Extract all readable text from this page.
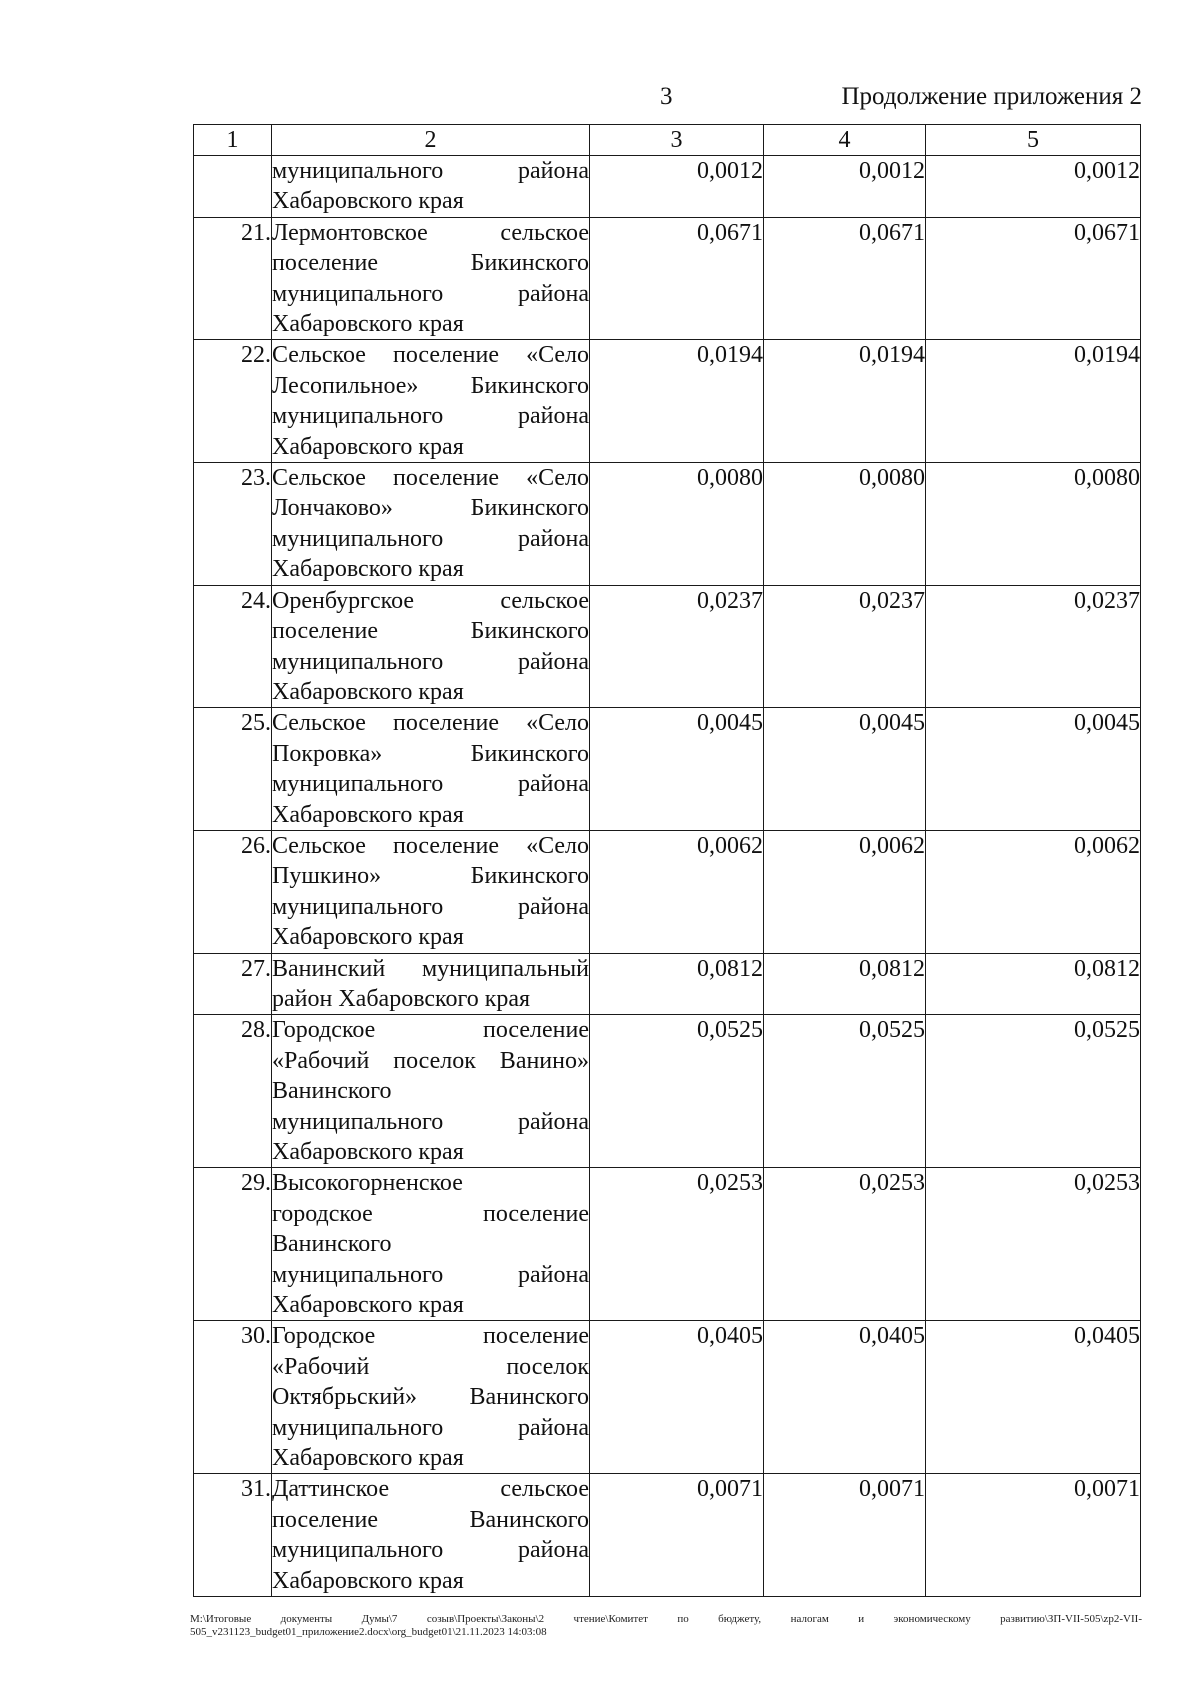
3	Продолжение приложения 2
1	2	3	4	5

	муниципального района
Хабаровского края	0,0012	0,0012	0,0012
21.	Лермонтовское сельское
поселение Бикинского
муниципального района
Хабаровского края	0,0671	0,0671	0,0671
22.	Сельское поселение «Село
Лесопильное» Бикинского
муниципального района
Хабаровского края	0,0194	0,0194	0,0194
23.	Сельское поселение «Село
Лончаково» Бикинского
муниципального района
Хабаровского края	0,0080	0,0080	0,0080
24.	Оренбургское сельское
поселение Бикинского
муниципального района
Хабаровского края	0,0237	0,0237	0,0237
25.	Сельское поселение «Село
Покровка» Бикинского
муниципального района
Хабаровского края	0,0045	0,0045	0,0045
26.	Сельское поселение «Село
Пушкино» Бикинского
муниципального района
Хабаровского края	0,0062	0,0062	0,0062
27.	Ванинский муниципальный
район Хабаровского края	0,0812	0,0812	0,0812
28.	Городское поселение
«Рабочий поселок Ванино»
Ванинского
муниципального района
Хабаровского края	0,0525	0,0525	0,0525
29.	Высокогорненское
городское поселение
Ванинского
муниципального района
Хабаровского края	0,0253	0,0253	0,0253
30.	Городское поселение
«Рабочий поселок
Октябрьский» Ванинского
муниципального района
Хабаровского края	0,0405	0,0405	0,0405
31.	Даттинское сельское
поселение Ванинского
муниципального района
Хабаровского края	0,0071	0,0071	0,0071
M:\Итоговые документы Думы\7 созыв\Проекты\Законы\2 чтение\Комитет по бюджету, налогам и экономическому развитию\ЗП-VII-505\zp2-VII-505_v231123_budget01_приложение2.docx\org_budget01\21.11.2023 14:03:08
